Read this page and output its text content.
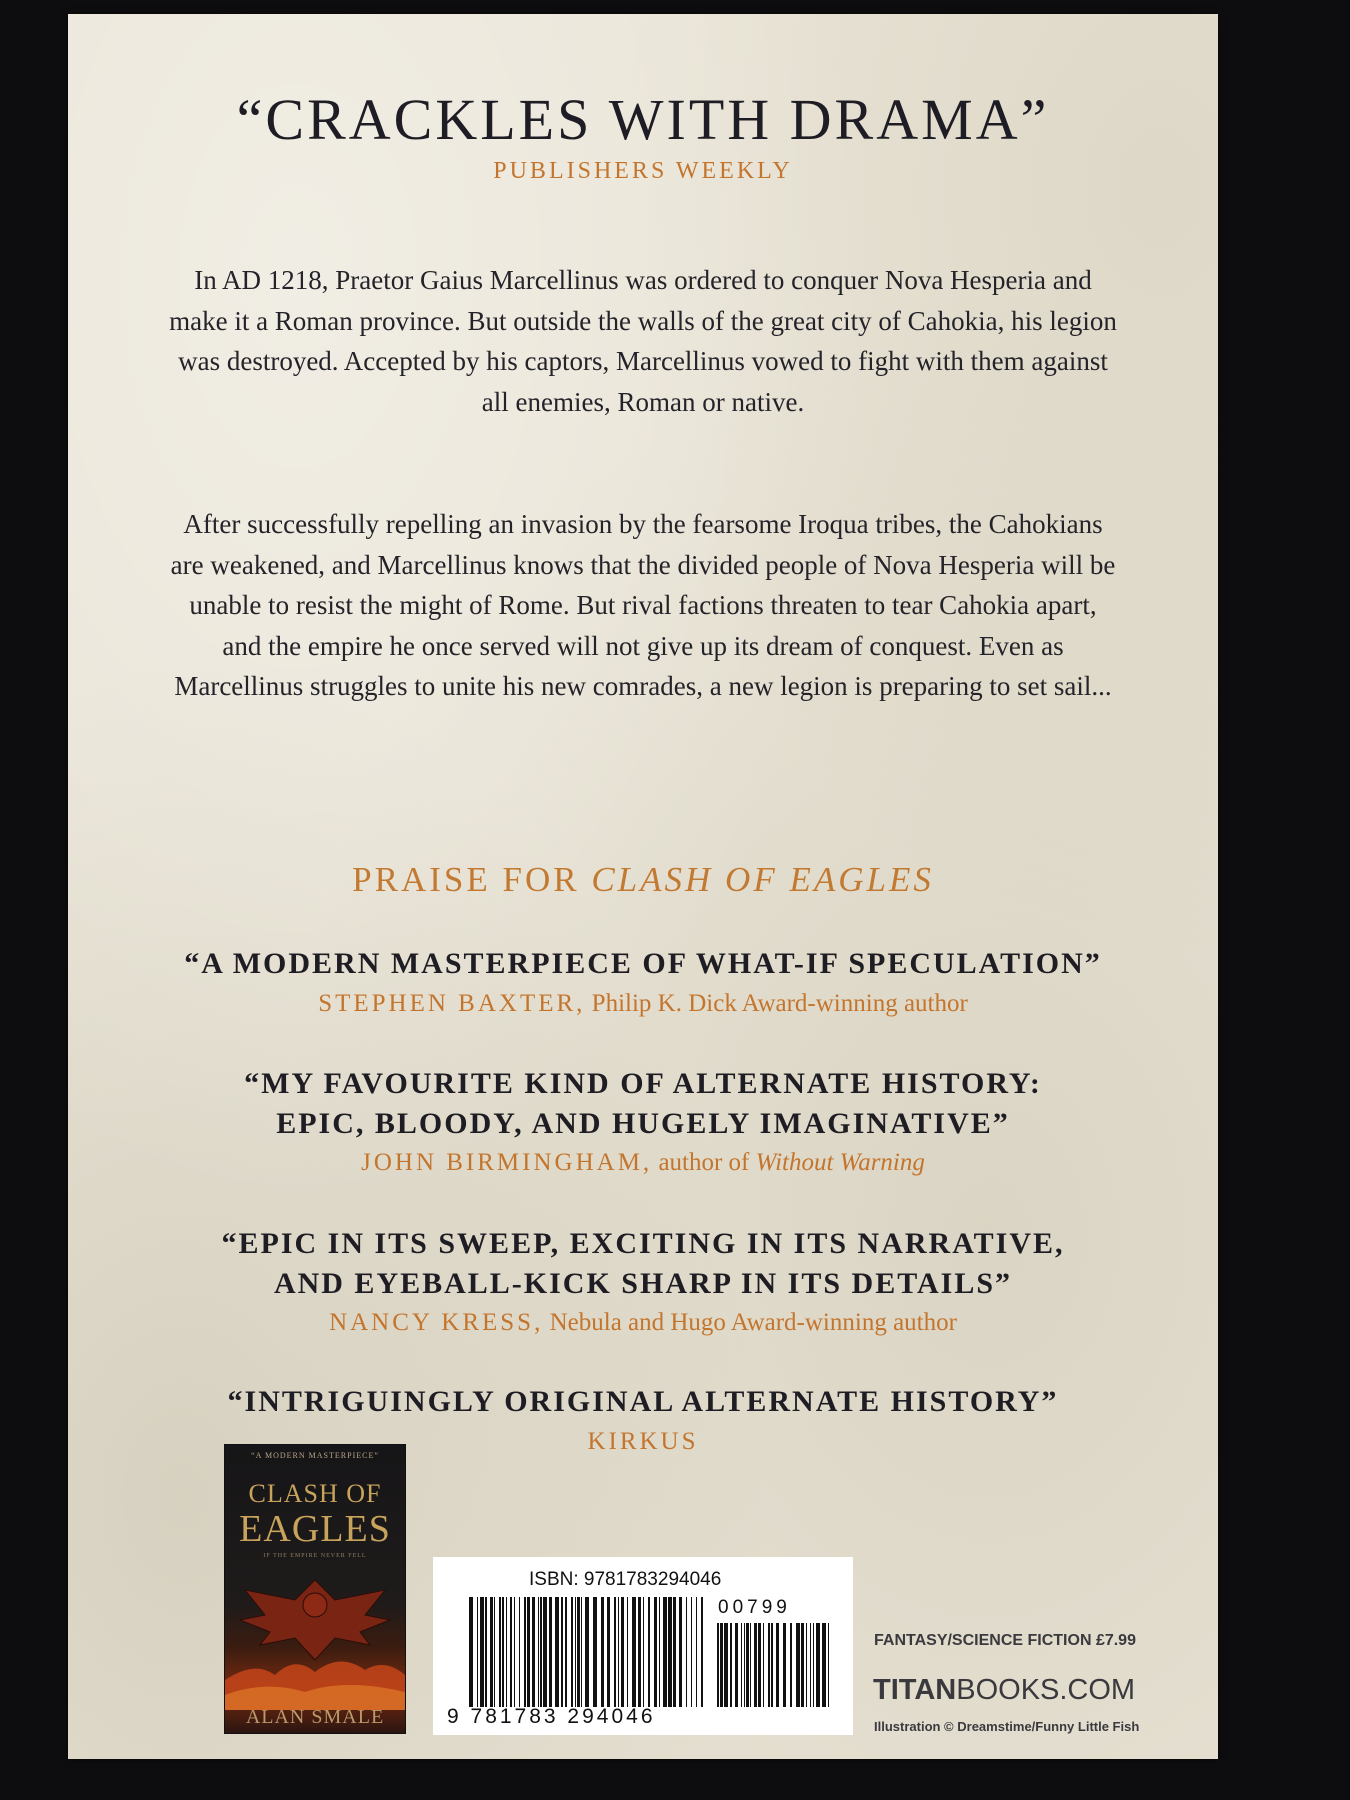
“CRACKLES WITH DRAMA”
PUBLISHERS WEEKLY
In AD 1218, Praetor Gaius Marcellinus was ordered to conquer Nova Hesperia and make it a Roman province. But outside the walls of the great city of Cahokia, his legion was destroyed. Accepted by his captors, Marcellinus vowed to fight with them against all enemies, Roman or native.
After successfully repelling an invasion by the fearsome Iroqua tribes, the Cahokians are weakened, and Marcellinus knows that the divided people of Nova Hesperia will be unable to resist the might of Rome. But rival factions threaten to tear Cahokia apart, and the empire he once served will not give up its dream of conquest. Even as Marcellinus struggles to unite his new comrades, a new legion is preparing to set sail...
PRAISE FOR CLASH OF EAGLES
“A MODERN MASTERPIECE OF WHAT-IF SPECULATION”
STEPHEN BAXTER, Philip K. Dick Award-winning author
“MY FAVOURITE KIND OF ALTERNATE HISTORY:
EPIC, BLOODY, AND HUGELY IMAGINATIVE”
JOHN BIRMINGHAM, author of Without Warning
“EPIC IN ITS SWEEP, EXCITING IN ITS NARRATIVE,
AND EYEBALL-KICK SHARP IN ITS DETAILS”
NANCY KRESS, Nebula and Hugo Award-winning author
“INTRIGUINGLY ORIGINAL ALTERNATE HISTORY”
KIRKUS
“A MODERN MASTERPIECE”
CLASH OF
EAGLES
IF THE EMPIRE NEVER FELL
ALAN SMALE
ISBN: 9781783294046
00799
9 781783 294046
FANTASY/SCIENCE FICTION £7.99
TITANBOOKS.COM
Illustration © Dreamstime/Funny Little Fish
